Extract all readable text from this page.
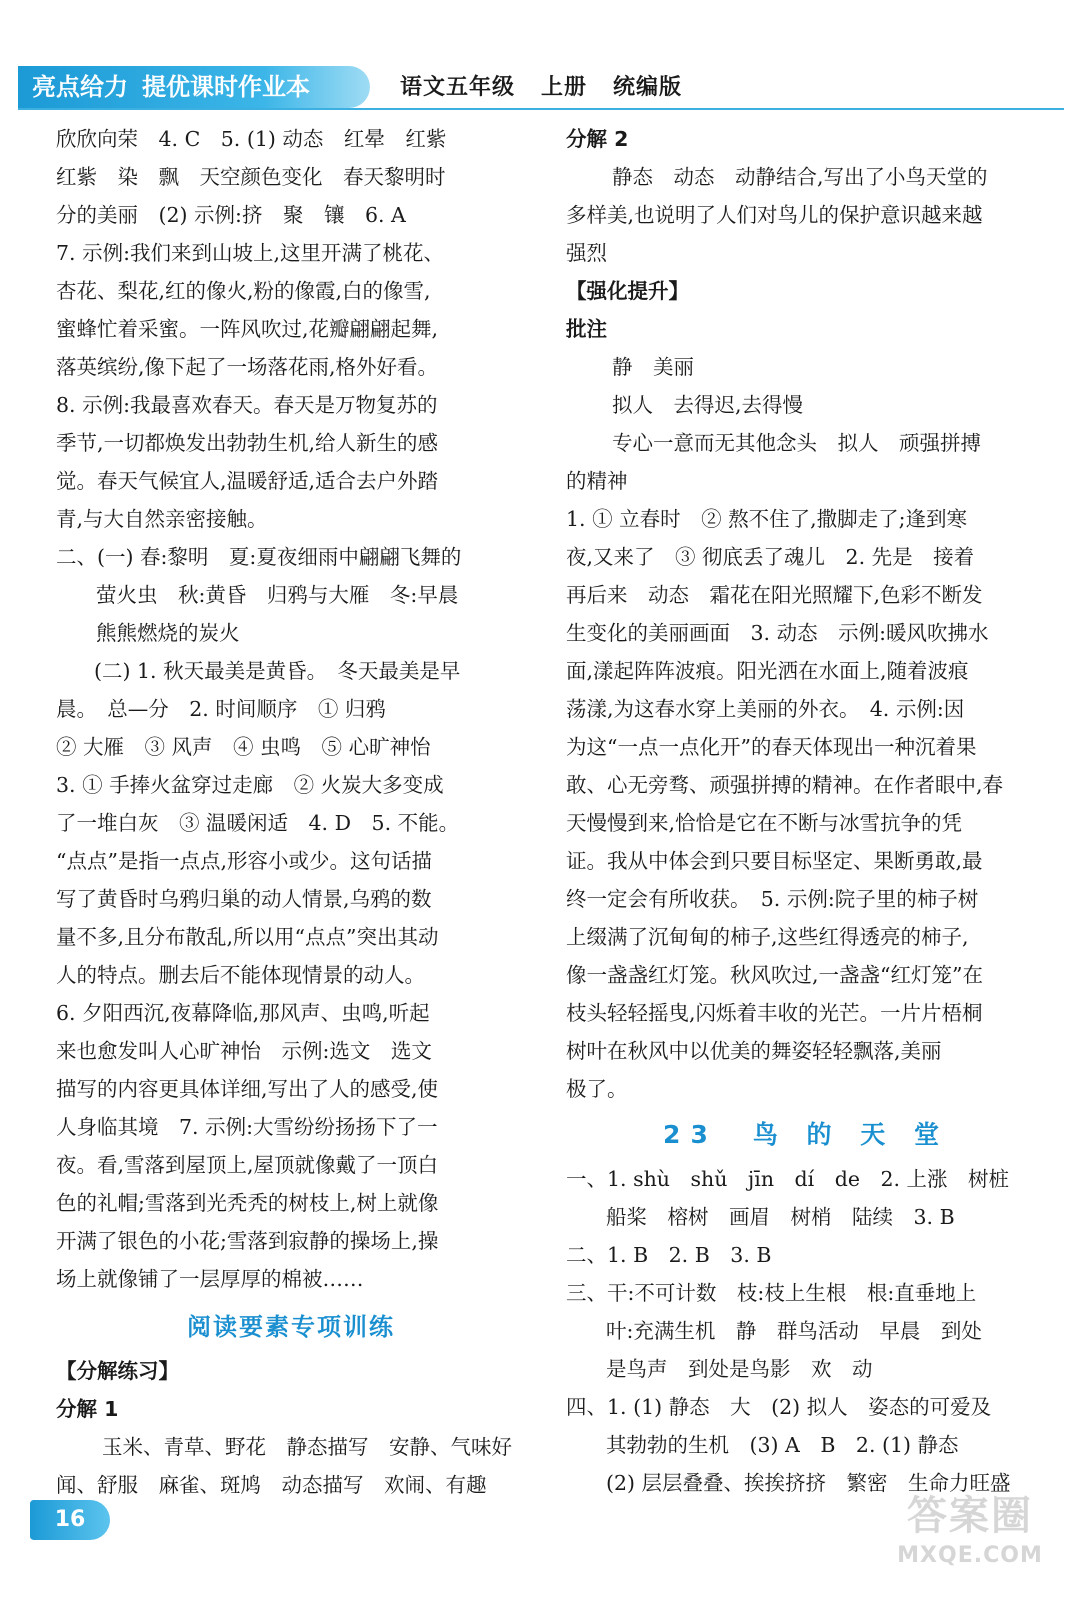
亮点给力 提优课时作业本	语文五年级 上册 统编版

欣欣向荣　4. C　5. (1) 动态　红晕　红紫

红紫　染　飘　天空颜色变化　春天黎明时

分的美丽　(2) 示例:挤　聚　镶　6. A

7. 示例:我们来到山坡上,这里开满了桃花、

杏花、梨花,红的像火,粉的像霞,白的像雪,

蜜蜂忙着采蜜。一阵风吹过,花瓣翩翩起舞,

落英缤纷,像下起了一场落花雨,格外好看。

8. 示例:我最喜欢春天。春天是万物复苏的

季节,一切都焕发出勃勃生机,给人新生的感

觉。春天气候宜人,温暖舒适,适合去户外踏

青,与大自然亲密接触。

二、(一) 春:黎明　夏:夏夜细雨中翩翩飞舞的

萤火虫　秋:黄昏　归鸦与大雁　冬:早晨

熊熊燃烧的炭火

(二) 1. 秋天最美是黄昏。　冬天最美是早

晨。　总—分　2. 时间顺序　① 归鸦

② 大雁　③ 风声　④ 虫鸣　⑤ 心旷神怡

3. ① 手捧火盆穿过走廊　② 火炭大多变成

了一堆白灰　③ 温暖闲适　4. D　5. 不能。

“点点”是指一点点,形容小或少。这句话描

写了黄昏时乌鸦归巢的动人情景,乌鸦的数

量不多,且分布散乱,所以用“点点”突出其动

人的特点。删去后不能体现情景的动人。

6. 夕阳西沉,夜幕降临,那风声、虫鸣,听起

来也愈发叫人心旷神怡　示例:选文　选文

描写的内容更具体详细,写出了人的感受,使

人身临其境　7. 示例:大雪纷纷扬扬下了一

夜。看,雪落到屋顶上,屋顶就像戴了一顶白

色的礼帽;雪落到光秃秃的树枝上,树上就像

开满了银色的小花;雪落到寂静的操场上,操

场上就像铺了一层厚厚的棉被……

阅读要素专项训练

【分解练习】

分解 1

玉米、青草、野花　静态描写　安静、气味好

闻、舒服　麻雀、斑鸠　动态描写　欢闹、有趣

分解 2

静态　动态　动静结合,写出了小鸟天堂的

多样美,也说明了人们对鸟儿的保护意识越来越

强烈

【强化提升】

批注

静　美丽

拟人　去得迟,去得慢

专心一意而无其他念头　拟人　顽强拼搏

的精神

1. ① 立春时　② 熬不住了,撒脚走了;逢到寒

夜,又来了　③ 彻底丢了魂儿　2. 先是　接着

再后来　动态　霜花在阳光照耀下,色彩不断发

生变化的美丽画面　3. 动态　示例:暖风吹拂水

面,漾起阵阵波痕。阳光洒在水面上,随着波痕

荡漾,为这春水穿上美丽的外衣。　4. 示例:因

为这“一点一点化开”的春天体现出一种沉着果

敢、心无旁骛、顽强拼搏的精神。在作者眼中,春

天慢慢到来,恰恰是它在不断与冰雪抗争的凭

证。我从中体会到只要目标坚定、果断勇敢,最

终一定会有所收获。　5. 示例:院子里的柿子树

上缀满了沉甸甸的柿子,这些红得透亮的柿子,

像一盏盏红灯笼。秋风吹过,一盏盏“红灯笼”在

枝头轻轻摇曳,闪烁着丰收的光芒。一片片梧桐

树叶在秋风中以优美的舞姿轻轻飘落,美丽

极了。

23　鸟 的 天 堂

一、1. shù　shǔ　jīn　dí　de　2. 上涨　树桩

船桨　榕树　画眉　树梢　陆续　3. B

二、1. B　2. B　3. B

三、干:不可计数　枝:枝上生根　根:直垂地上

叶:充满生机　静　群鸟活动　早晨　到处

是鸟声　到处是鸟影　欢　动

四、1. (1) 静态　大　(2) 拟人　姿态的可爱及

其勃勃的生机　(3) A　B　2. (1) 静态

(2) 层层叠叠、挨挨挤挤　繁密　生命力旺盛

16	答案圈
MXQE.COM
